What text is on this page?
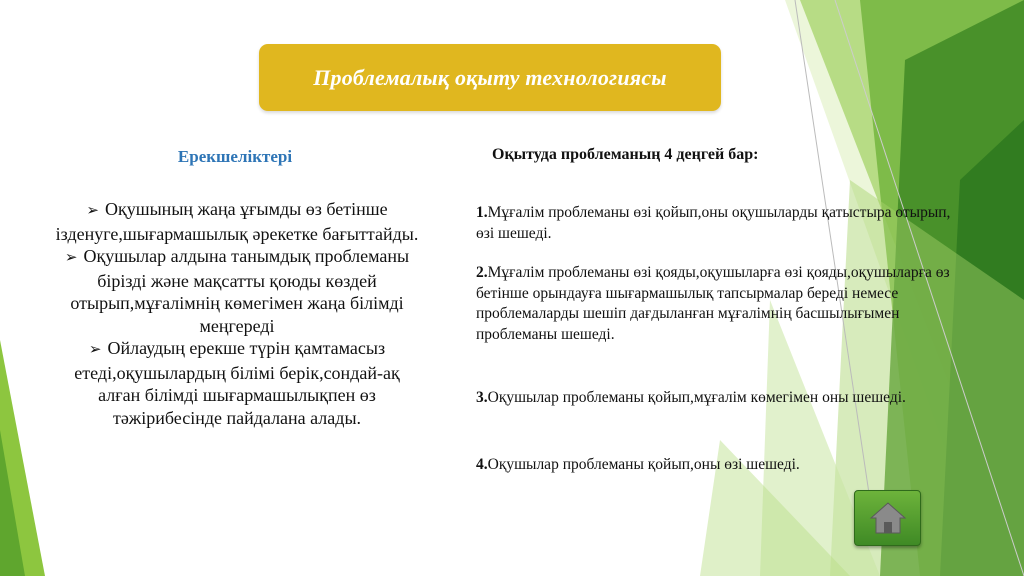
Проблемалық оқыту технологиясы
Ерекшеліктері	Оқытуда проблеманың 4 деңгей бар:

➢ Оқушының жаңа ұғымды өз бетінше ізденуге,шығармашылық әрекетке бағыттайды.

➢ Оқушылар алдына танымдық проблеманы бірізді және мақсатты қоюды көздей отырып,мұғалімнің көмегімен жаңа білімді меңгереді

➢ Ойлаудың ерекше түрін қамтамасыз етеді,оқушылардың білімі берік,сондай-ақ алған білімді шығармашылықпен өз тәжірибесінде пайдалана алады.

1.Мұғалім проблеманы өзі қойып,оны оқушыларды қатыстыра отырып, өзі шешеді.
2.Мұғалім проблеманы өзі қояды,оқушыларға өзі қояды,оқушыларға өз бетінше орындауға шығармашылық тапсырмалар береді немесе проблемаларды шешіп дағдыланған мұғалімнің басшылығымен проблеманы шешеді.
3.Оқушылар проблеманы қойып,мұғалім көмегімен оны шешеді.
4.Оқушылар проблеманы қойып,оны өзі шешеді.
